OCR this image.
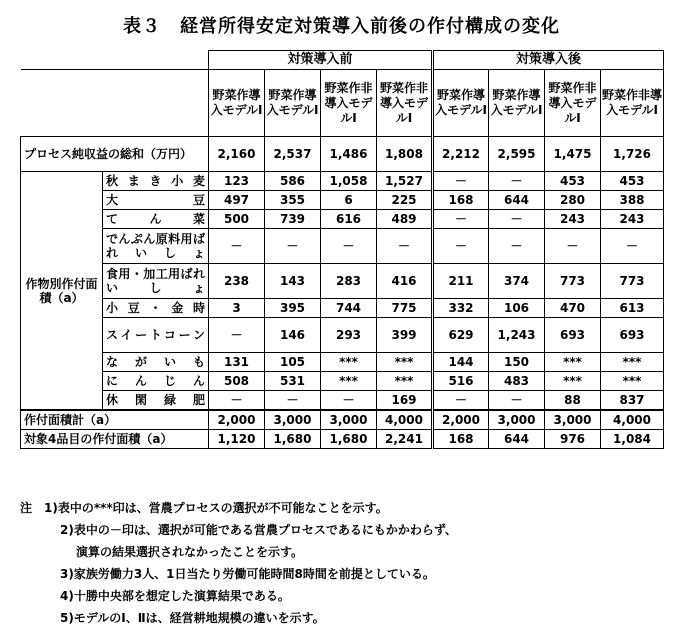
表３　経営所得安定対策導入前後の作付構成の変化
		対策導入前				対策導入後			
		野菜作導入モデルⅠ	野菜作導入モデルⅠ	野菜作非導入モデルⅠ	野菜作非導入モデルⅠ	野菜作導入モデルⅠ	野菜作導入モデルⅠ	野菜作非導入モデルⅠ	野菜作非導入モデルⅠ
プロセス純収益の総和（万円）		2,160	2,537	1,486	1,808	2,212	2,595	1,475	1,726
作物別作付面積（a）	秋まき小麦	123	586	1,058	1,527	－	－	453	453
	大豆	497	355	6	225	168	644	280	388
	てん菜	500	739	616	489	－	－	243	243
	でんぷん原料用ばれいしょ	－	－	－	－	－	－	－	－
	食用・加工用ばれいしょ	238	143	283	416	211	374	773	773
	小豆・金時	3	395	744	775	332	106	470	613
	スイートコーン	－	146	293	399	629	1,243	693	693
	ながいも	131	105	***	***	144	150	***	***
	にんじん	508	531	***	***	516	483	***	***
	休閑緑肥	－	－	－	169	－	－	88	837
作付面積計（a）		2,000	3,000	3,000	4,000	2,000	3,000	3,000	4,000
対象4品目の作付面積（a）		1,120	1,680	1,680	2,241	168	644	976	1,084
注　1)表中の***印は、営農プロセスの選択が不可能なことを示す。
2)表中の－印は、選択が可能である営農プロセスであるにもかかわらず、
演算の結果選択されなかったことを示す。
3)家族労働力3人、1日当たり労働可能時間8時間を前提としている。
4)十勝中央部を想定した演算結果である。
5)モデルのⅠ、Ⅱは、経営耕地規模の違いを示す。
